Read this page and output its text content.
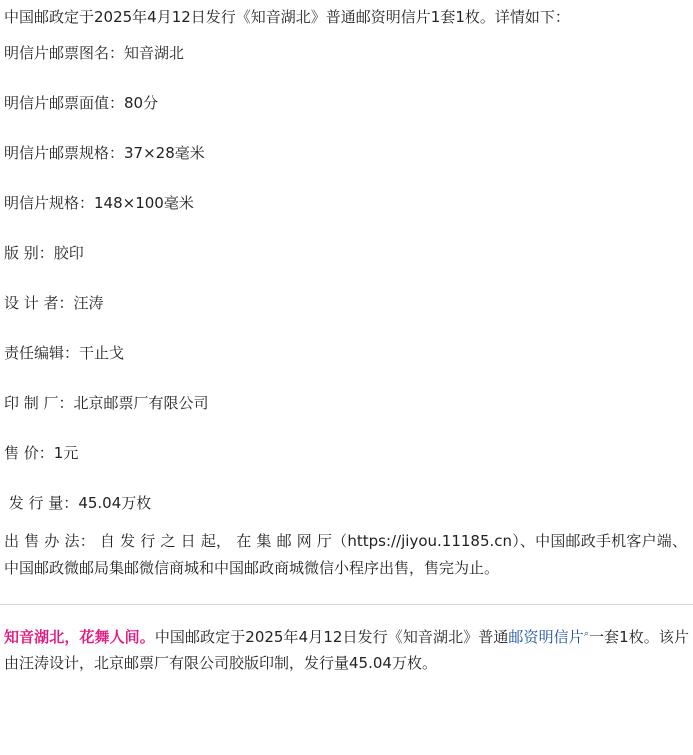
中国邮政定于2025年4月12日发行《知音湖北》普通邮资明信片1套1枚。详情如下：

明信片邮票图名： 知音湖北
明信片邮票面值： 80分
明信片邮票规格： 37×28毫米
明信片规格： 148×100毫米
版 别： 胶印
设 计 者： 汪涛
责任编辑： 干止戈
印 制 厂： 北京邮票厂有限公司
售 价： 1元
发 行 量： 45.04万枚

出 售 办 法： 自 发 行 之 日 起， 在 集 邮 网 厅（https://jiyou.11185.cn）、中国邮政手机客户端、中国邮政微邮局集邮微信商城和中国邮政商城微信小程序出售，售完为止。

知音湖北，花舞人间。中国邮政定于2025年4月12日发行《知音湖北》普通邮资明信片⌕一套1枚。该片由汪涛设计，北京邮票厂有限公司胶版印制，发行量45.04万枚。
